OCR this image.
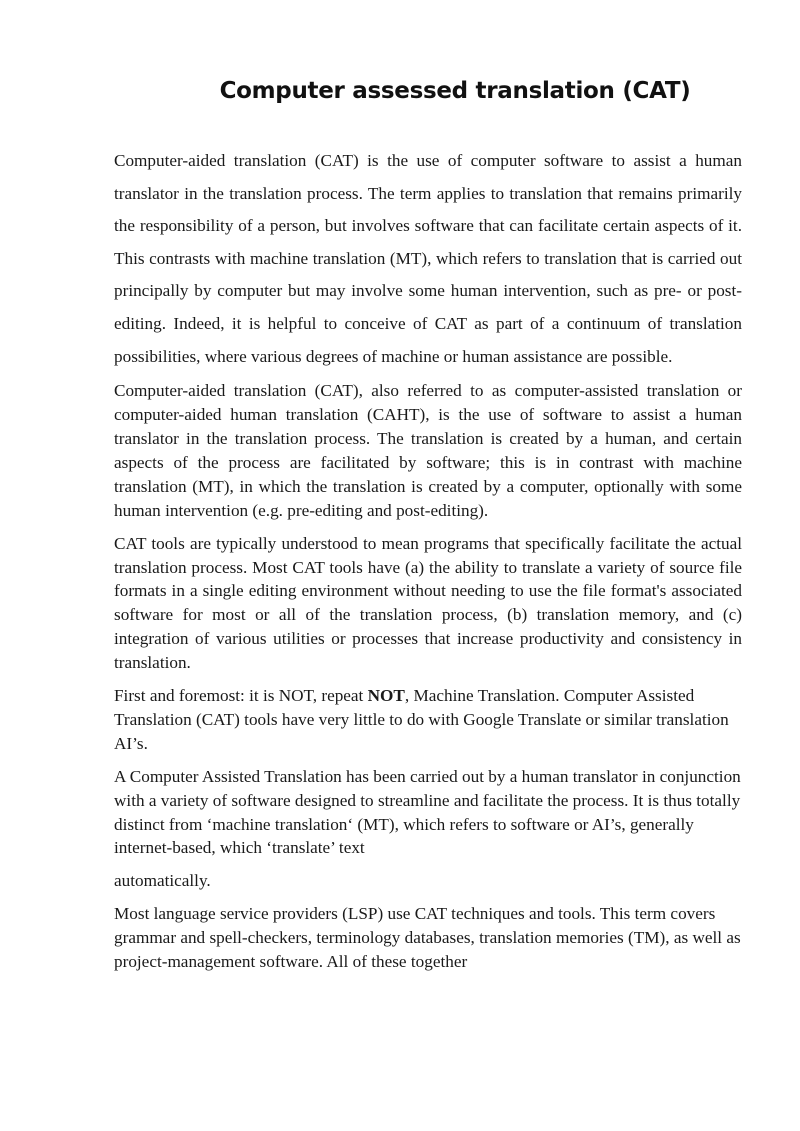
Computer assessed translation (CAT)

Computer-aided translation (CAT) is the use of computer software to assist a human translator in the translation process. The term applies to translation that remains primarily the responsibility of a person, but involves software that can facilitate certain aspects of it. This contrasts with machine translation (MT), which refers to translation that is carried out principally by computer but may involve some human intervention, such as pre- or post-editing. Indeed, it is helpful to conceive of CAT as part of a continuum of translation possibilities, where various degrees of machine or human assistance are possible.

Computer-aided translation (CAT), also referred to as computer-assisted translation or computer-aided human translation (CAHT), is the use of software to assist a human translator in the translation process. The translation is created by a human, and certain aspects of the process are facilitated by software; this is in contrast with machine translation (MT), in which the translation is created by a computer, optionally with some human intervention (e.g. pre-editing and post-editing).

CAT tools are typically understood to mean programs that specifically facilitate the actual translation process. Most CAT tools have (a) the ability to translate a variety of source file formats in a single editing environment without needing to use the file format's associated software for most or all of the translation process, (b) translation memory, and (c) integration of various utilities or processes that increase productivity and consistency in translation.

First and foremost: it is NOT, repeat NOT, Machine Translation. Computer Assisted Translation (CAT) tools have very little to do with Google Translate or similar translation AI’s.

A Computer Assisted Translation has been carried out by a human translator in conjunction with a variety of software designed to streamline and facilitate the process. It is thus totally distinct from ‘machine translation‘ (MT), which refers to software or AI’s, generally internet-based, which ‘translate’ text

automatically.

Most language service providers (LSP) use CAT techniques and tools. This term covers grammar and spell-checkers, terminology databases, translation memories (TM), as well as project-management software. All of these together
